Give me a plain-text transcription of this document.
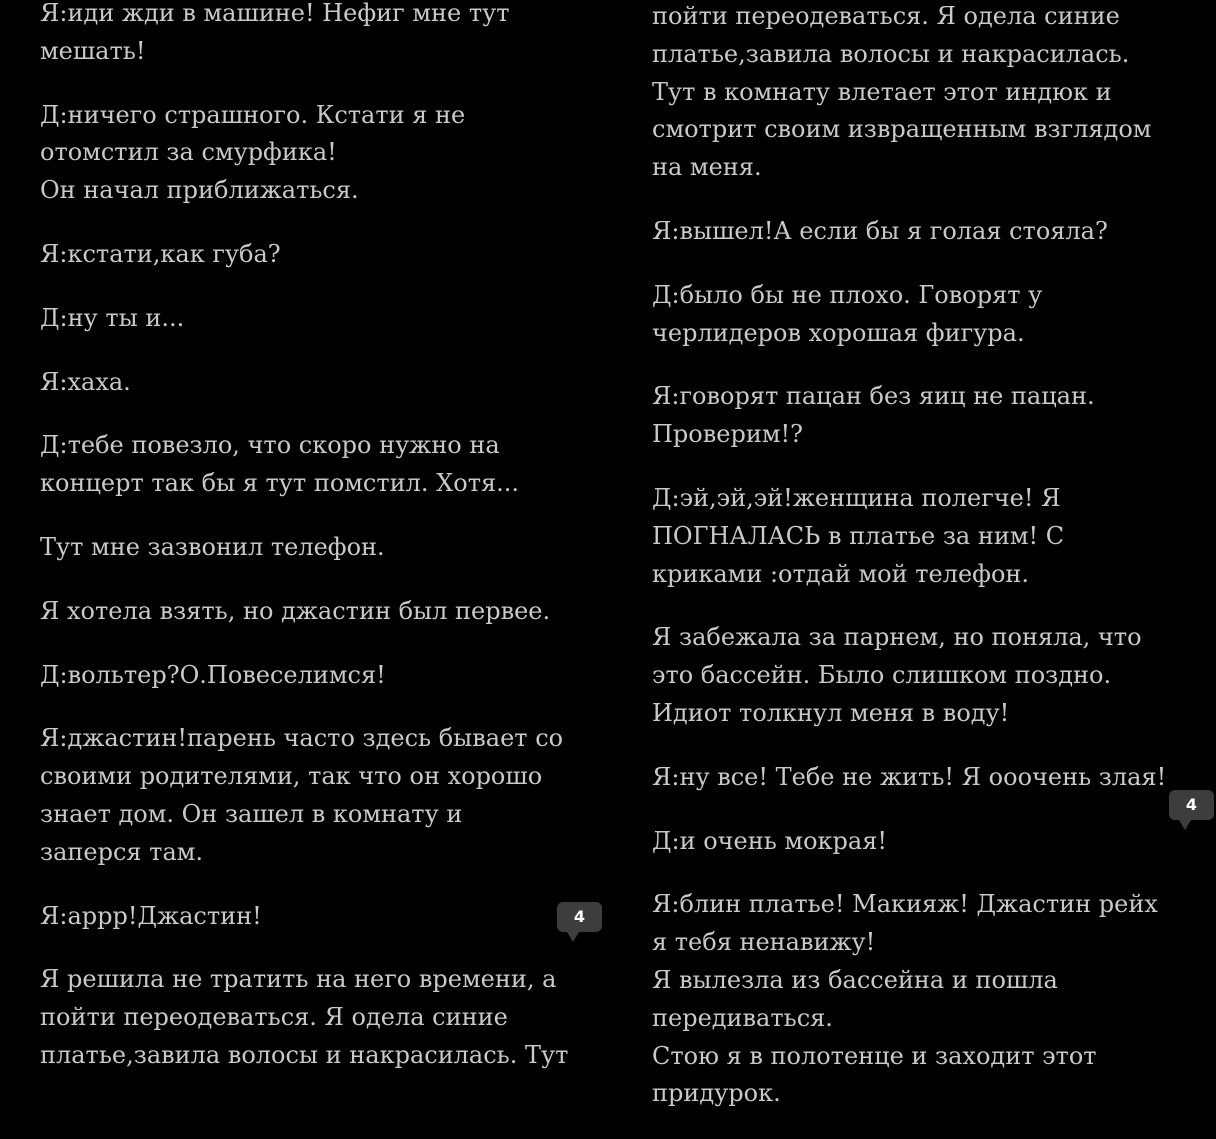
Я:иди жди в машине! Нефиг мне тут мешать!

Д:ничего страшного. Кстати я не отомстил за смурфика!
Он начал приближаться.

Я:кстати,как губа?

Д:ну ты и...

Я:хаха.

Д:тебе повезло, что скоро нужно на концерт так бы я тут помстил. Хотя...

Тут мне зазвонил телефон.

Я хотела взять, но джастин был первее.

Д:вольтер?О.Повеселимся!

Я:джастин!парень часто здесь бывает со своими родителями, так что он хорошо знает дом. Он зашел в комнату и заперся там.

Я:аррр!Джастин!

Я решила не тратить на него времени, а пойти переодеваться. Я одела синие платье,завила волосы и накрасилась. Тут

пойти переодеваться. Я одела синие платье,завила волосы и накрасилась. Тут в комнату влетает этот индюк и смотрит своим извращенным взглядом на меня.

Я:вышел!А если бы я голая стояла?

Д:было бы не плохо. Говорят у черлидеров хорошая фигура.

Я:говорят пацан без яиц не пацан. Проверим!?

Д:эй,эй,эй!женщина полегче! Я ПОГНАЛАСЬ в платье за ним! С криками :отдай мой телефон.

Я забежала за парнем, но поняла, что это бассейн. Было слишком поздно. Идиот толкнул меня в воду!

Я:ну все! Тебе не жить! Я ооочень злая!

Д:и очень мокрая!

Я:блин платье! Макияж! Джастин рейх я тебя ненавижу!
Я вылезла из бассейна и пошла передиваться.
Стою я в полотенце и заходит этот придурок.

4
4
